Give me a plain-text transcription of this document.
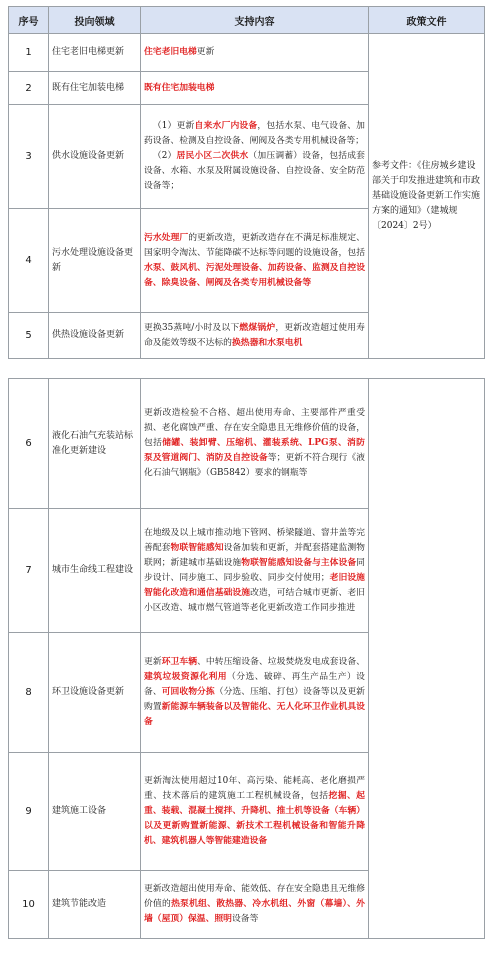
序号	投向领域	支持内容	政策文件
1	住宅老旧电梯更新	住宅老旧电梯更新	参考文件：《住房城乡建设部关于印发推进建筑和市政基础设施设备更新工作实施方案的通知》（建城规〔2024〕2号）
2	既有住宅加装电梯	既有住宅加装电梯	
3	供水设施设备更新	（1）更新自来水厂内设备，包括水泵、电气设备、加药设备、检测及自控设备、闸阀及各类专用机械设备等；
（2）居民小区二次供水（加压调蓄）设备，包括成套设备、水箱、水泵及附属设施设备、自控设备、安全防范设备等；	

4	污水处理设施设备更新	污水处理厂的更新改造，更新改造存在不满足标准规定、国家明令淘汰、节能降碳不达标等问题的设施设备，包括水泵、鼓风机、污泥处理设备、加药设备、监测及自控设备、除臭设备、闸阀及各类专用机械设备等	
5	供热设施设备更新	更换35蒸吨/小时及以下燃煤锅炉，更新改造超过使用寿命及能效等级不达标的换热器和水泵电机	
6	液化石油气充装站标准化更新建设	更新改造检验不合格、超出使用寿命、主要部件严重受损、老化腐蚀严重、存在安全隐患且无维修价值的设备，包括储罐、装卸臂、压缩机、灌装系统、LPG泵、消防泵及管道阀门、消防及自控设备等；更新不符合现行《液化石油气钢瓶》（GB5842）要求的钢瓶等	
7	城市生命线工程建设	在地级及以上城市推动地下管网、桥梁隧道、窨井盖等完善配套物联智能感知设备加装和更新，并配套搭建监测物联网；新建城市基础设施物联智能感知设备与主体设备同步设计、同步施工、同步验收、同步交付使用；老旧设施智能化改造和通信基础设施改造，可结合城市更新、老旧小区改造、城市燃气管道等老化更新改造工作同步推进	
8	环卫设施设备更新	更新环卫车辆、中转压缩设备、垃圾焚烧发电成套设备、建筑垃圾资源化利用（分选、破碎、再生产品生产）设备、可回收物分拣（分选、压缩、打包）设备等以及更新购置新能源车辆装备以及智能化、无人化环卫作业机具设备	
9	建筑施工设备	更新淘汰使用超过10年、高污染、能耗高、老化磨损严重、技术落后的建筑施工工程机械设备，包括挖掘、起重、装载、混凝土搅拌、升降机、推土机等设备（车辆）以及更新购置新能源、新技术工程机械设备和智能升降机、建筑机器人等智能建造设备	
10	建筑节能改造	更新改造超出使用寿命、能效低、存在安全隐患且无维修价值的热泵机组、散热器、冷水机组、外窗（幕墙）、外墙（屋顶）保温、照明设备等	
